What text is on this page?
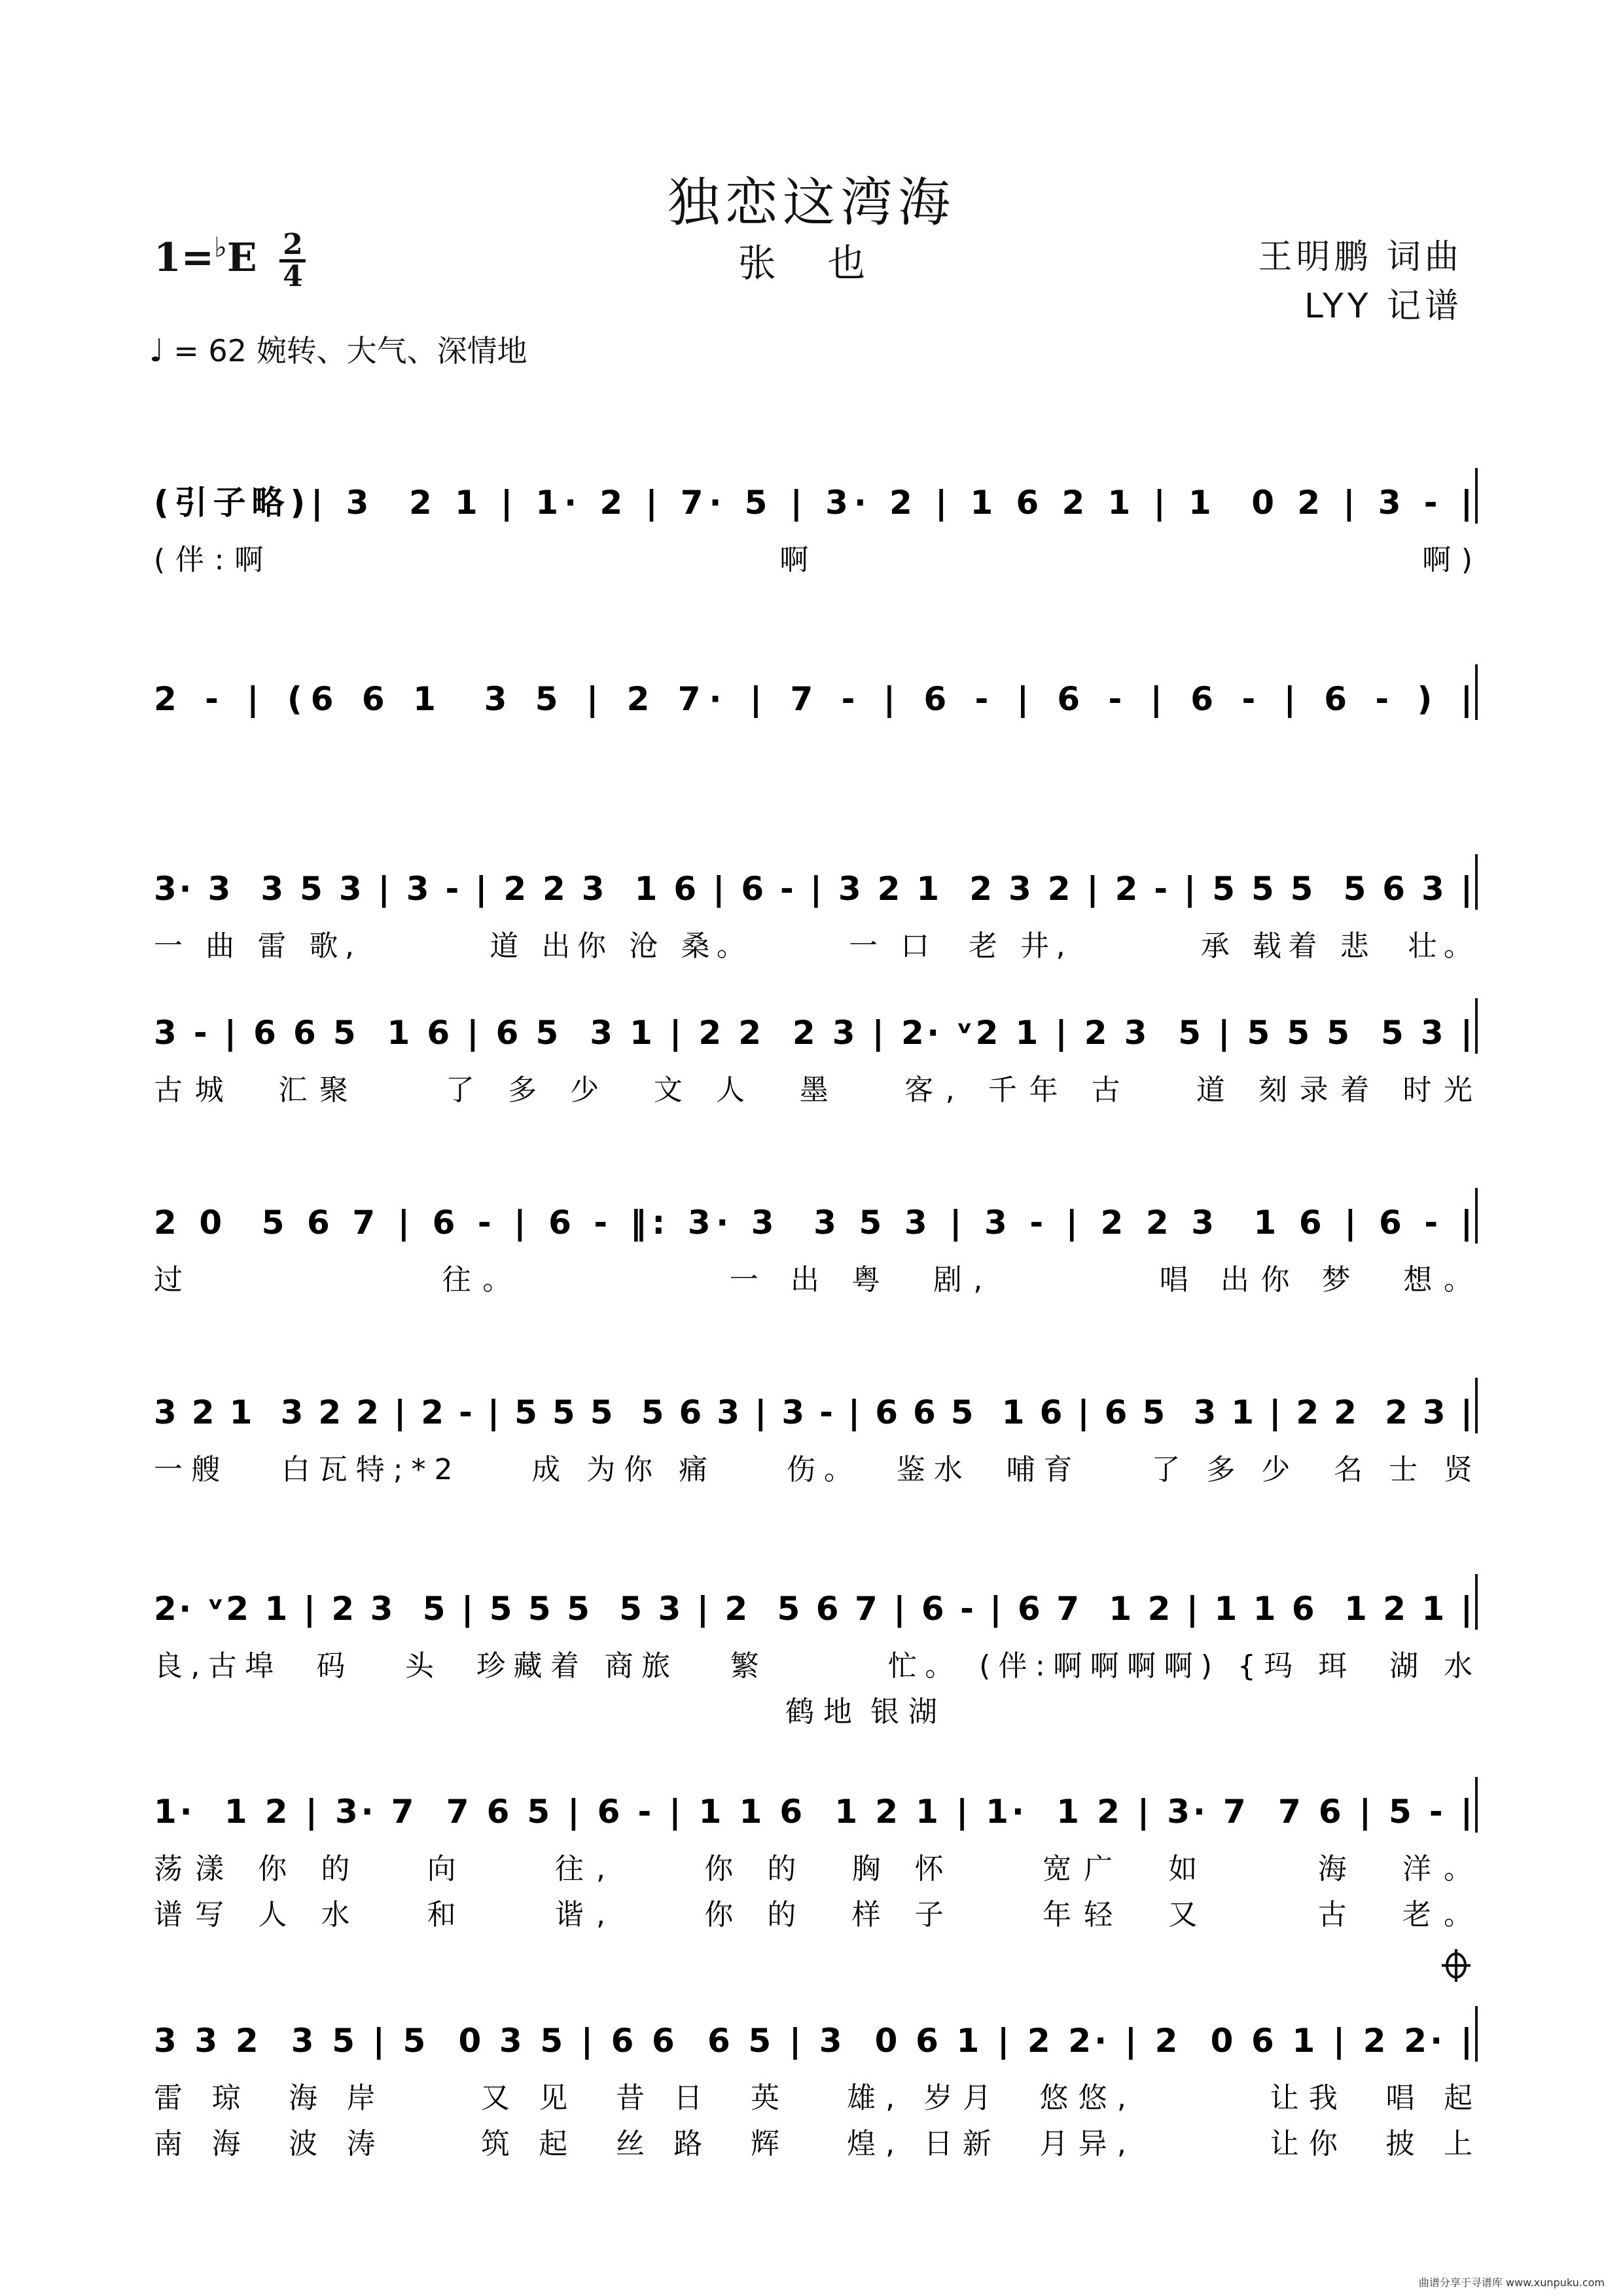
独恋这湾海
1=♭E 2
4	张 也	王明鹏 词曲
LYY 记谱
♩ = 62 婉转、大气、深情地
(引子略)| 3  2 1 | 1· 2 | 7· 5 | 3· 2 | 1 6 2 1 | 1  0 2 | 3 - |
(伴:啊                          啊                               啊)
2 - | (6 6 1  3 5 | 2 7· | 7 - | 6 - | 6 - | 6 - | 6 - ) |
3· 3  3 5 3 | 3 - | 2 2 3  1 6 | 6 - | 3 2 1  2 3 2 | 2 - | 5 5 5  5 6 3 |
一 曲 雷 歌,        道 出你 沧 桑。      一 口  老 井,        承 载着 悲  壮。
3 - | 6 6 5  1 6 | 6 5  3 1 | 2 2  2 3 | 2· ᵛ2 1 | 2 3  5 | 5 5 5  5 3 |
古城  汇聚    了 多 少  文 人  墨   客, 千年 古   道 刻录着 时光
2 0  5 6 7 | 6 - | 6 - ‖: 3· 3  3 5 3 | 3 - | 2 2 3  1 6 | 6 - |
过            往。          一 出 粤  剧,        唱 出你 梦  想。
3 2 1  3 2 2 | 2 - | 5 5 5  5 6 3 | 3 - | 6 6 5  1 6 | 6 5  3 1 | 2 2  2 3 |
一艘   白瓦特;*2    成 为你 痛    伤。  鉴水  哺育    了 多 少  名 士 贤
2· ᵛ2 1 | 2 3  5 | 5 5 5  5 3 | 2  5 6 7 | 6 - | 6 7  1 2 | 1 1 6  1 2 1 |
良,古埠  码   头  珍藏着 商旅   繁       忙。 (伴:啊啊啊啊) {玛 珥  湖 水
鹤 地  银 湖
1·  1 2 | 3· 7  7 6 5 | 6 - | 1 1 6  1 2 1 | 1·  1 2 | 3· 7  7 6 | 5 - |
荡漾 你 的   向    往,    你 的  胸 怀    宽广  如     海  洋。
谱写 人 水   和    谐,    你 的  样 子    年轻  又     古  老。
3 3 2  3 5 | 5  0 3 5 | 6 6  6 5 | 3  0 6 1 | 2 2· | 2  0 6 1 | 2 2· |
雷 琼  海 岸     又 见  昔 日  英   雄, 岁月  悠悠,       让我  唱 起
南 海  波 涛     筑 起  丝 路  辉   煌, 日新  月异,       让你  披 上
曲谱分享于寻谱库 www.xunpuku.com
